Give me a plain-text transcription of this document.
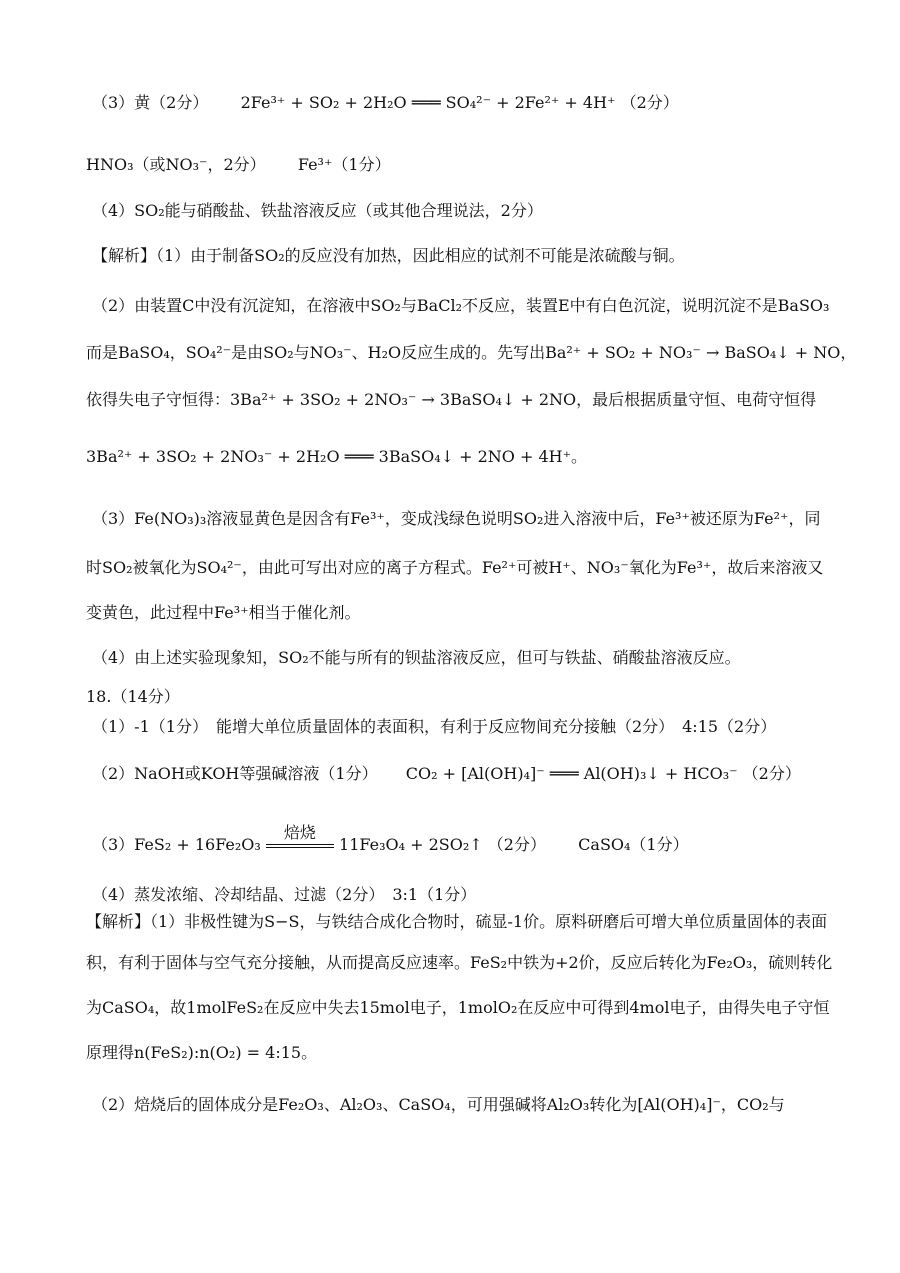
（3）黄（2分） 2Fe³⁺ + SO₂ + 2H₂O ═══ SO₄²⁻ + 2Fe²⁺ + 4H⁺ （2分）
HNO₃（或NO₃⁻，2分） Fe³⁺（1分）
（4）SO₂能与硝酸盐、铁盐溶液反应（或其他合理说法，2分）
【解析】（1）由于制备SO₂的反应没有加热，因此相应的试剂不可能是浓硫酸与铜。
（2）由装置C中没有沉淀知，在溶液中SO₂与BaCl₂不反应，装置E中有白色沉淀，说明沉淀不是BaSO₃
而是BaSO₄，SO₄²⁻是由SO₂与NO₃⁻、H₂O反应生成的。先写出Ba²⁺ + SO₂ + NO₃⁻ → BaSO₄↓ + NO，
依得失电子守恒得：3Ba²⁺ + 3SO₂ + 2NO₃⁻ → 3BaSO₄↓ + 2NO，最后根据质量守恒、电荷守恒得
3Ba²⁺ + 3SO₂ + 2NO₃⁻ + 2H₂O ═══ 3BaSO₄↓ + 2NO + 4H⁺。
（3）Fe(NO₃)₃溶液显黄色是因含有Fe³⁺，变成浅绿色说明SO₂进入溶液中后，Fe³⁺被还原为Fe²⁺，同
时SO₂被氧化为SO₄²⁻，由此可写出对应的离子方程式。Fe²⁺可被H⁺、NO₃⁻氧化为Fe³⁺，故后来溶液又
变黄色，此过程中Fe³⁺相当于催化剂。
（4）由上述实验现象知，SO₂不能与所有的钡盐溶液反应，但可与铁盐、硝酸盐溶液反应。
18.（14分）
（1）-1（1分）　能增大单位质量固体的表面积，有利于反应物间充分接触（2分）　4:15（2分）
（2）NaOH或KOH等强碱溶液（1分） CO₂ + [Al(OH)₄]⁻ ═══ Al(OH)₃↓ + HCO₃⁻ （2分）
（3）FeS₂ + 16Fe₂O₃
焙烧
11Fe₃O₄ + 2SO₂↑ （2分） CaSO₄（1分）
（4）蒸发浓缩、冷却结晶、过滤（2分）　3:1（1分）
【解析】（1）非极性键为S−S，与铁结合成化合物时，硫显-1价。原料研磨后可增大单位质量固体的表面
积，有利于固体与空气充分接触，从而提高反应速率。FeS₂中铁为+2价，反应后转化为Fe₂O₃，硫则转化
为CaSO₄，故1molFeS₂在反应中失去15mol电子，1molO₂在反应中可得到4mol电子，由得失电子守恒
原理得n(FeS₂):n(O₂) = 4:15。
（2）焙烧后的固体成分是Fe₂O₃、Al₂O₃、CaSO₄，可用强碱将Al₂O₃转化为[Al(OH)₄]⁻，CO₂与
